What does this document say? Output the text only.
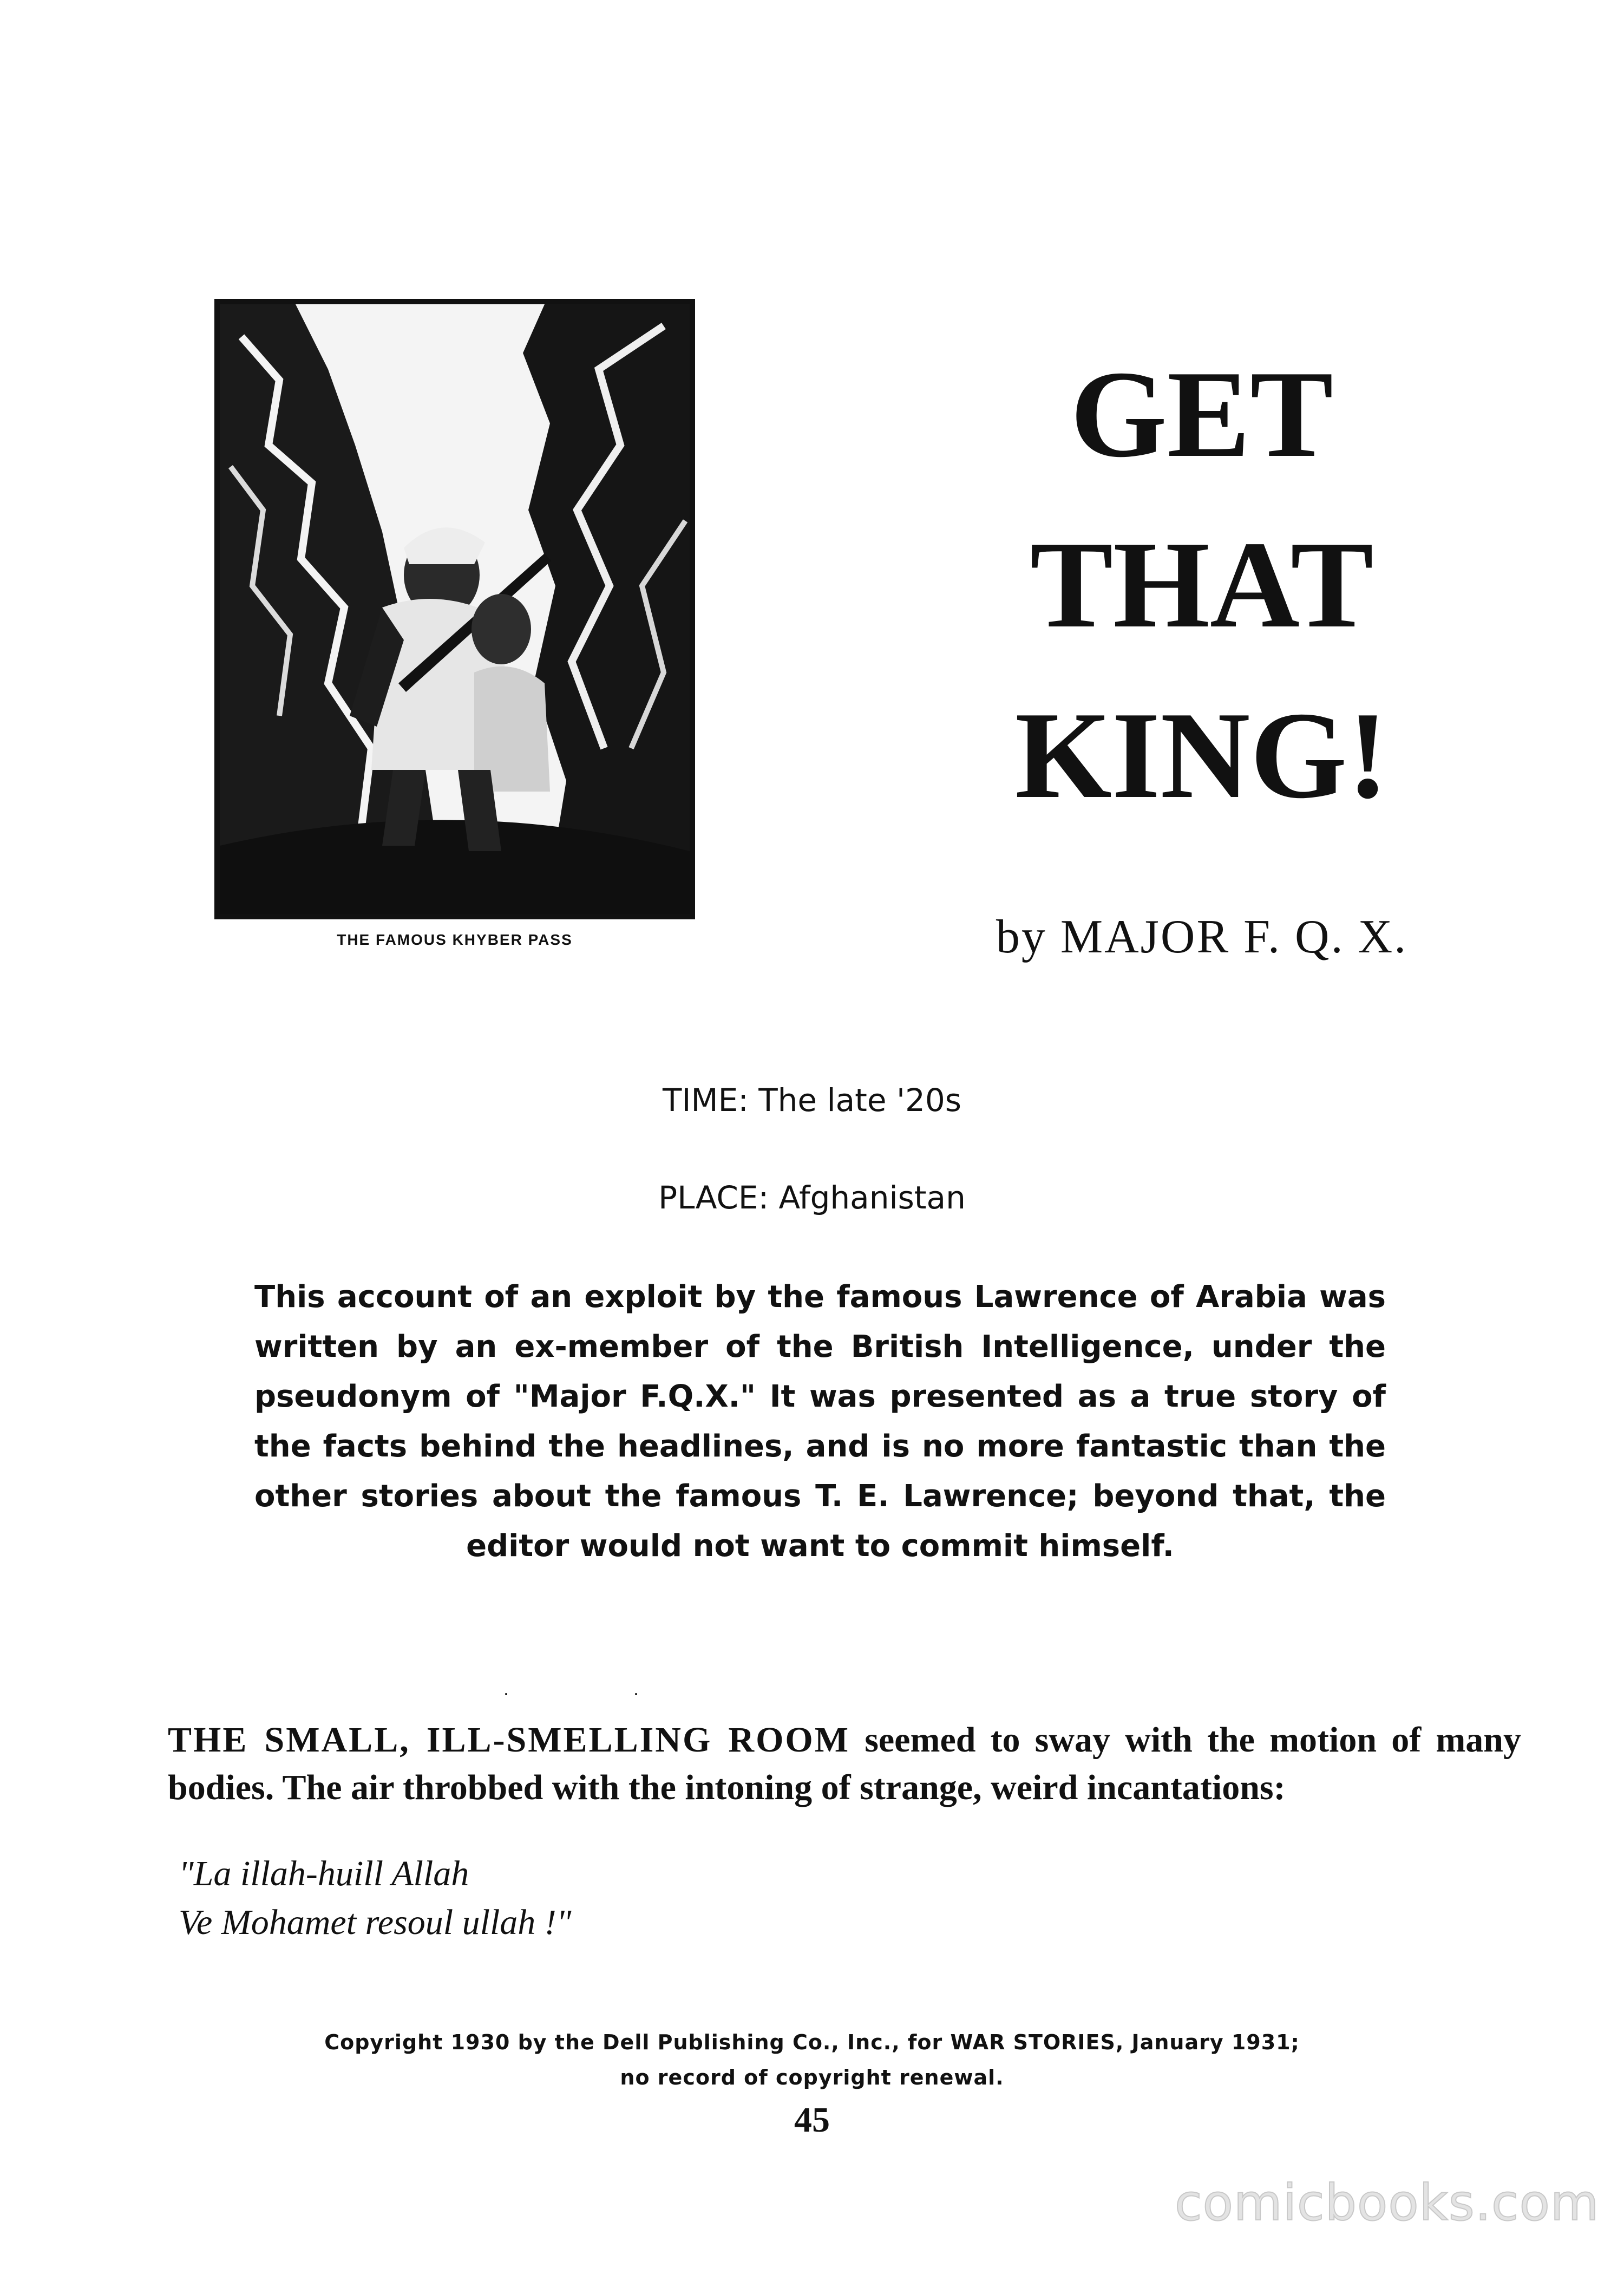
THE FAMOUS KHYBER PASS
GET
THAT
KING!
by MAJOR F. Q. X.
TIME: The late '20s
PLACE: Afghanistan
This account of an exploit by the famous Lawrence of Arabia was written by an ex-member of the British Intelligence, under the pseudonym of "Major F.Q.X." It was presented as a true story of the facts behind the headlines, and is no more fantastic than the other stories about the famous T. E. Lawrence; beyond that, the editor would not want to commit himself.
. .
THE SMALL, ILL-SMELLING ROOM seemed to sway with the motion of many bodies. The air throbbed with the intoning of strange, weird incantations:
"La illah-huill Allah
Ve Mohamet resoul ullah !"
Copyright 1930 by the Dell Publishing Co., Inc., for WAR STORIES, January 1931;
no record of copyright renewal.
45
comicbooks.com
